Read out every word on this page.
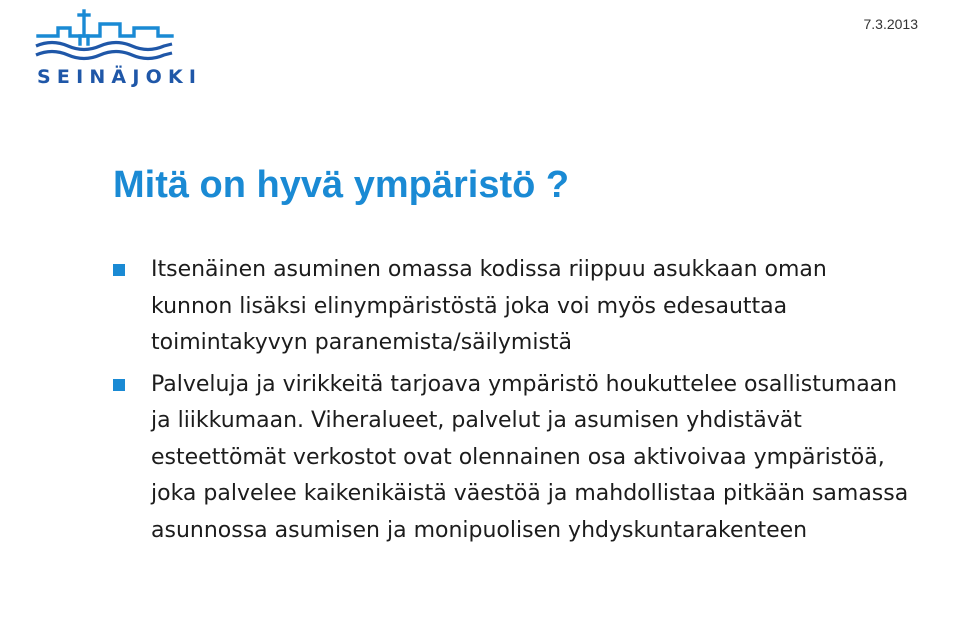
SEINÄJOKI
7.3.2013
Mitä on hyvä ympäristö ?
Itsenäinen asuminen omassa kodissa riippuu asukkaan oman kunnon lisäksi elinympäristöstä joka voi myös edesauttaa toimintakyvyn paranemista/säilymistä
Palveluja ja virikkeitä tarjoava ympäristö houkuttelee osallistumaan ja liikkumaan. Viheralueet, palvelut ja asumisen yhdistävät esteettömät verkostot ovat olennainen osa aktivoivaa ympäristöä, joka palvelee kaikenikäistä väestöä ja mahdollistaa pitkään samassa asunnossa asumisen ja monipuolisen yhdyskuntarakenteen
